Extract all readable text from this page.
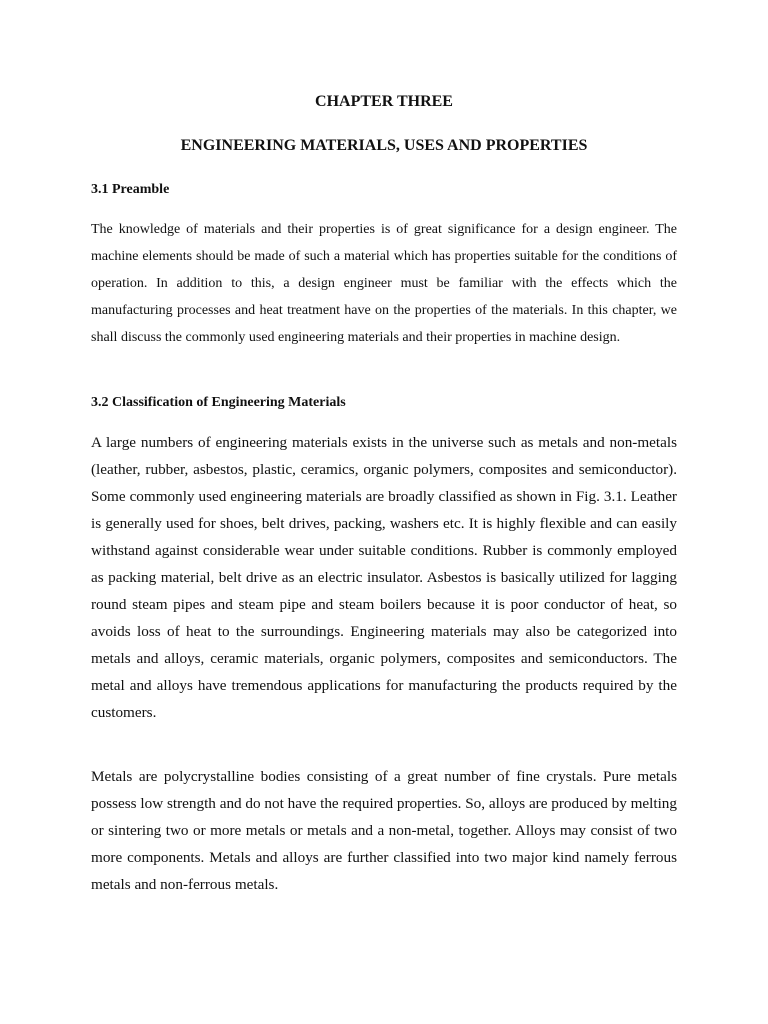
CHAPTER THREE
ENGINEERING MATERIALS, USES AND PROPERTIES
3.1 Preamble

The knowledge of materials and their properties is of great significance for a design engineer. The machine elements should be made of such a material which has properties suitable for the conditions of operation. In addition to this, a design engineer must be familiar with the effects which the manufacturing processes and heat treatment have on the properties of the materials. In this chapter, we shall discuss the commonly used engineering materials and their properties in machine design.

3.2 Classification of Engineering Materials

A large numbers of engineering materials exists in the universe such as metals and non-metals (leather, rubber, asbestos, plastic, ceramics, organic polymers, composites and semiconductor). Some commonly used engineering materials are broadly classified as shown in Fig. 3.1. Leather is generally used for shoes, belt drives, packing, washers etc. It is highly flexible and can easily withstand against considerable wear under suitable conditions. Rubber is commonly employed as packing material, belt drive as an electric insulator. Asbestos is basically utilized for lagging round steam pipes and steam pipe and steam boilers because it is poor conductor of heat, so avoids loss of heat to the surroundings. Engineering materials may also be categorized into metals and alloys, ceramic materials, organic polymers, composites and semiconductors. The metal and alloys have tremendous applications for manufacturing the products required by the customers.

Metals are polycrystalline bodies consisting of a great number of fine crystals. Pure metals possess low strength and do not have the required properties. So, alloys are produced by melting or sintering two or more metals or metals and a non-metal, together. Alloys may consist of two more components. Metals and alloys are further classified into two major kind namely ferrous metals and non-ferrous metals.
